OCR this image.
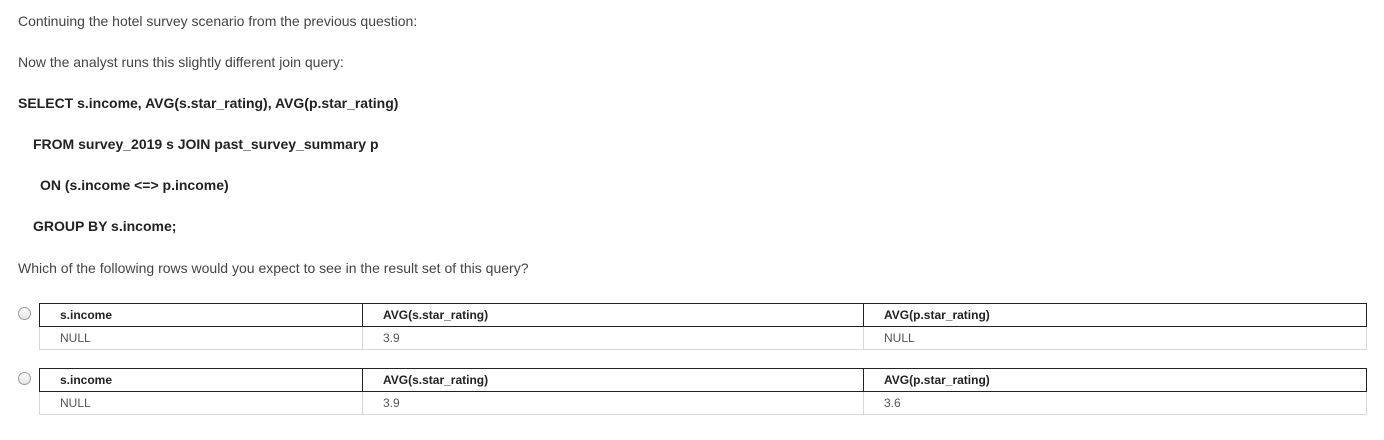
Continuing the hotel survey scenario from the previous question:
Now the analyst runs this slightly different join query:
SELECT s.income, AVG(s.star_rating), AVG(p.star_rating)
FROM survey_2019 s JOIN past_survey_summary p
ON (s.income <=> p.income)
GROUP BY s.income;
Which of the following rows would you expect to see in the result set of this query?
s.income	AVG(s.star_rating)	AVG(p.star_rating)
NULL	3.9	NULL
s.income	AVG(s.star_rating)	AVG(p.star_rating)
NULL	3.9	3.6
